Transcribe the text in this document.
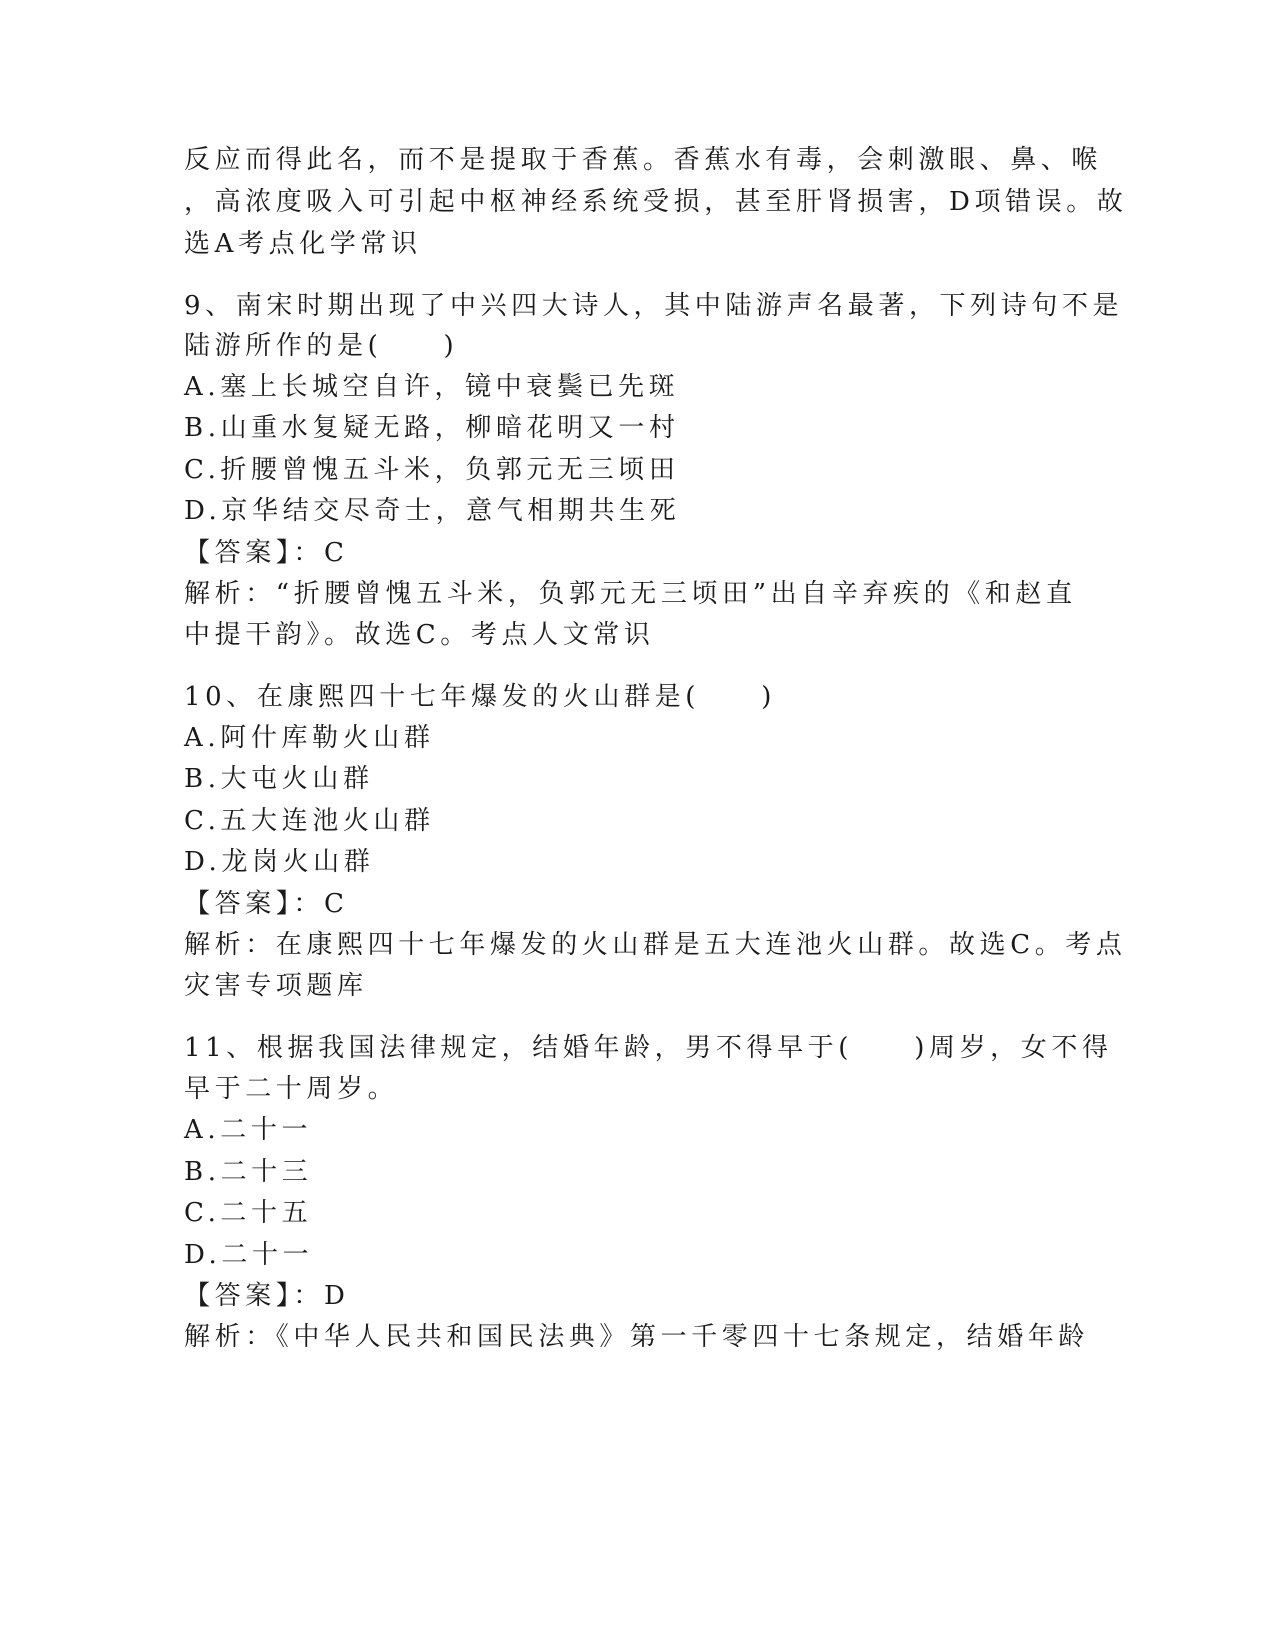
反应而得此名，而不是提取于香蕉。香蕉水有毒，会刺激眼、鼻、喉
，高浓度吸入可引起中枢神经系统受损，甚至肝肾损害，D项错误。故
选A考点化学常识
9、南宋时期出现了中兴四大诗人，其中陆游声名最著，下列诗句不是
陆游所作的是(　　)
A.塞上长城空自许，镜中衰鬓已先斑
B.山重水复疑无路，柳暗花明又一村
C.折腰曾愧五斗米，负郭元无三顷田
D.京华结交尽奇士，意气相期共生死
【答案】：C
解析：“折腰曾愧五斗米，负郭元无三顷田”出自辛弃疾的《和赵直
中提干韵》。故选C。考点人文常识
10、在康熙四十七年爆发的火山群是(　　)
A.阿什库勒火山群
B.大屯火山群
C.五大连池火山群
D.龙岗火山群
【答案】：C
解析：在康熙四十七年爆发的火山群是五大连池火山群。故选C。考点
灾害专项题库
11、根据我国法律规定，结婚年龄，男不得早于(　　)周岁，女不得
早于二十周岁。
A.二十一
B.二十三
C.二十五
D.二十一
【答案】：D
解析：《中华人民共和国民法典》第一千零四十七条规定，结婚年龄
